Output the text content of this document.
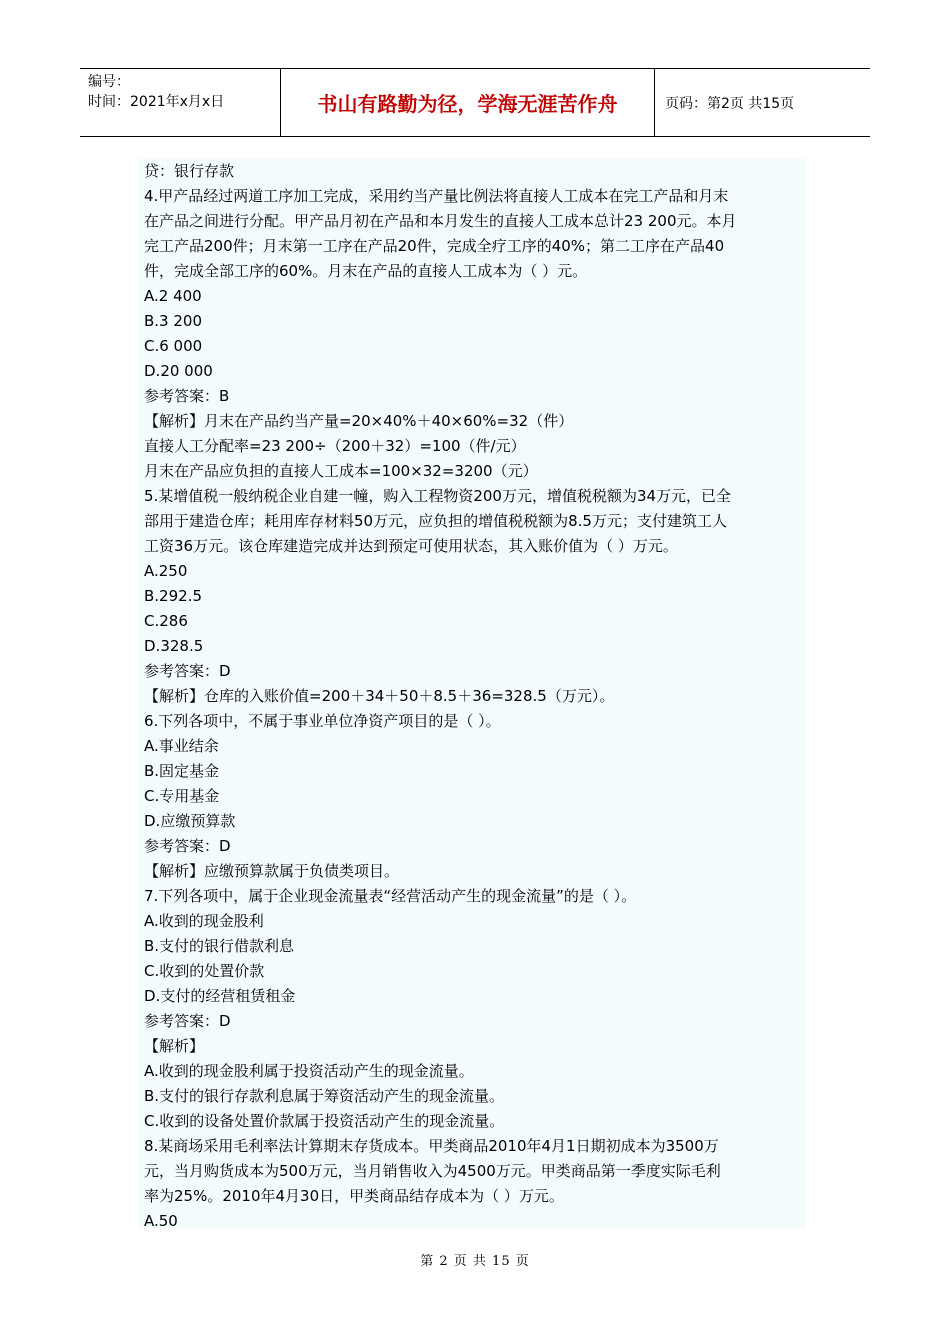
编号：
时间：2021年x月x日	书山有路勤为径，学海无涯苦作舟	页码：第2页 共15页
贷：银行存款
4.甲产品经过两道工序加工完成，采用约当产量比例法将直接人工成本在完工产品和月末
在产品之间进行分配。甲产品月初在产品和本月发生的直接人工成本总计23 200元。本月
完工产品200件；月末第一工序在产品20件，完成全疗工序的40%；第二工序在产品40
件，完成全部工序的60%。月末在产品的直接人工成本为（ ）元。
A.2 400
B.3 200
C.6 000
D.20 000
参考答案：B
【解析】月末在产品约当产量=20×40%＋40×60%=32（件）
直接人工分配率=23 200÷（200＋32）=100（件/元）
月末在产品应负担的直接人工成本=100×32=3200（元）
5.某增值税一般纳税企业自建一幢，购入工程物资200万元，增值税税额为34万元，已全
部用于建造仓库；耗用库存材料50万元，应负担的增值税税额为8.5万元；支付建筑工人
工资36万元。该仓库建造完成并达到预定可使用状态，其入账价值为（ ）万元。
A.250
B.292.5
C.286
D.328.5
参考答案：D
【解析】仓库的入账价值=200＋34＋50＋8.5＋36=328.5（万元）。
6.下列各项中，不属于事业单位净资产项目的是（ ）。
A.事业结余
B.固定基金
C.专用基金
D.应缴预算款
参考答案：D
【解析】应缴预算款属于负债类项目。
7.下列各项中，属于企业现金流量表“经营活动产生的现金流量”的是（ ）。
A.收到的现金股利
B.支付的银行借款利息
C.收到的处置价款
D.支付的经营租赁租金
参考答案：D
【解析】
A.收到的现金股利属于投资活动产生的现金流量。
B.支付的银行存款利息属于筹资活动产生的现金流量。
C.收到的设备处置价款属于投资活动产生的现金流量。
8.某商场采用毛利率法计算期末存货成本。甲类商品2010年4月1日期初成本为3500万
元，当月购货成本为500万元，当月销售收入为4500万元。甲类商品第一季度实际毛利
率为25%。2010年4月30日，甲类商品结存成本为（ ）万元。
A.50
第 2 页 共 15 页
